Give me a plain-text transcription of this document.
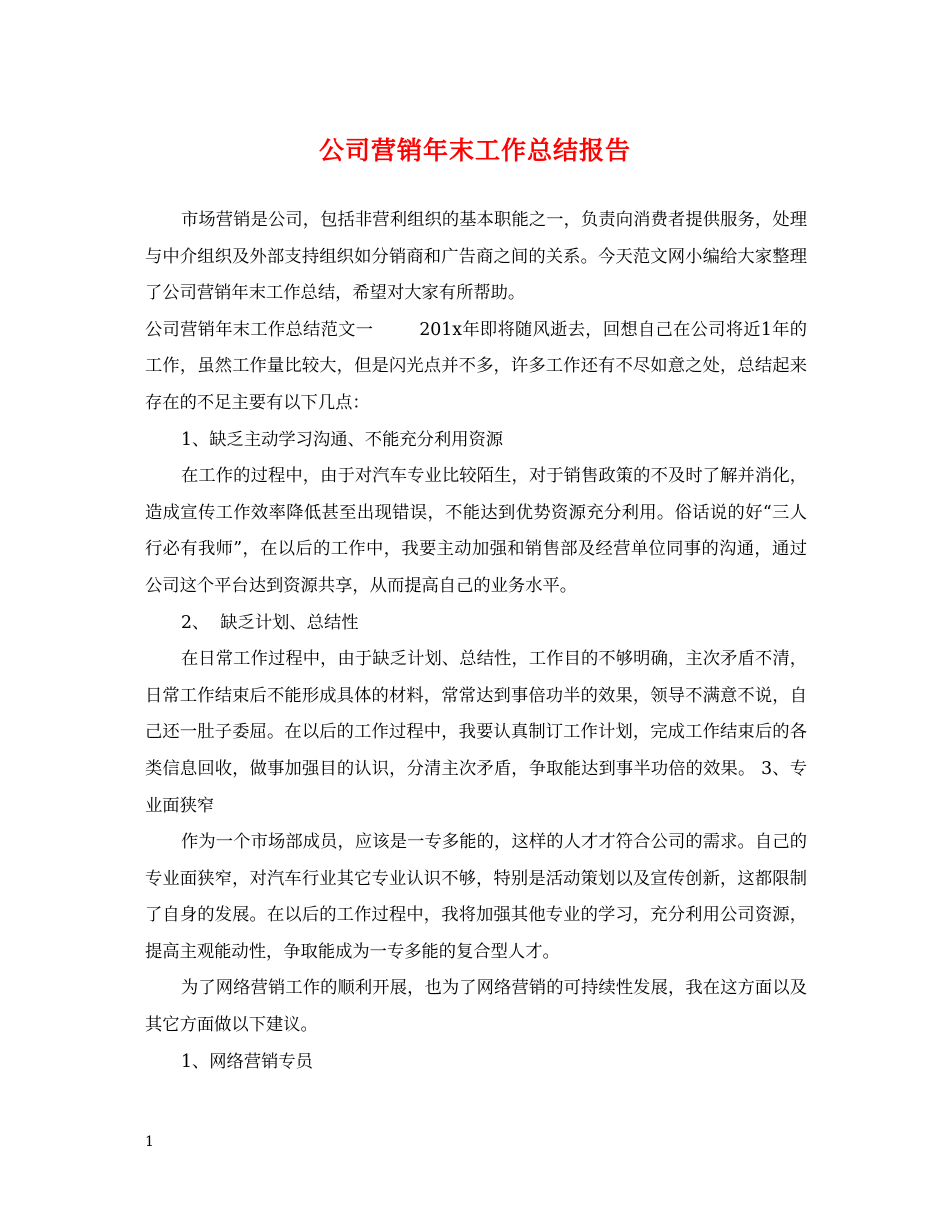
公司营销年末工作总结报告

市场营销是公司，包括非营利组织的基本职能之一，负责向消费者提供服务，处理与中介组织及外部支持组织如分销商和广告商之间的关系。今天范文网小编给大家整理了公司营销年末工作总结，希望对大家有所帮助。

公司营销年末工作总结范文一	201x年即将随风逝去，回想自己在公司将近1年的工作，虽然工作量比较大，但是闪光点并不多，许多工作还有不尽如意之处，总结起来存在的不足主要有以下几点：

1、缺乏主动学习沟通、不能充分利用资源

在工作的过程中，由于对汽车专业比较陌生，对于销售政策的不及时了解并消化，造成宣传工作效率降低甚至出现错误，不能达到优势资源充分利用。俗话说的好“三人行必有我师”，在以后的工作中，我要主动加强和销售部及经营单位同事的沟通，通过公司这个平台达到资源共享，从而提高自己的业务水平。

2、  缺乏计划、总结性

在日常工作过程中，由于缺乏计划、总结性，工作目的不够明确，主次矛盾不清，日常工作结束后不能形成具体的材料，常常达到事倍功半的效果，领导不满意不说，自己还一肚子委屈。在以后的工作过程中，我要认真制订工作计划，完成工作结束后的各类信息回收，做事加强目的认识，分清主次矛盾，争取能达到事半功倍的效果。 3、专业面狭窄

作为一个市场部成员，应该是一专多能的，这样的人才才符合公司的需求。自己的专业面狭窄，对汽车行业其它专业认识不够，特别是活动策划以及宣传创新，这都限制了自身的发展。在以后的工作过程中，我将加强其他专业的学习，充分利用公司资源，提高主观能动性，争取能成为一专多能的复合型人才。

为了网络营销工作的顺利开展，也为了网络营销的可持续性发展，我在这方面以及其它方面做以下建议。

1、网络营销专员

1
